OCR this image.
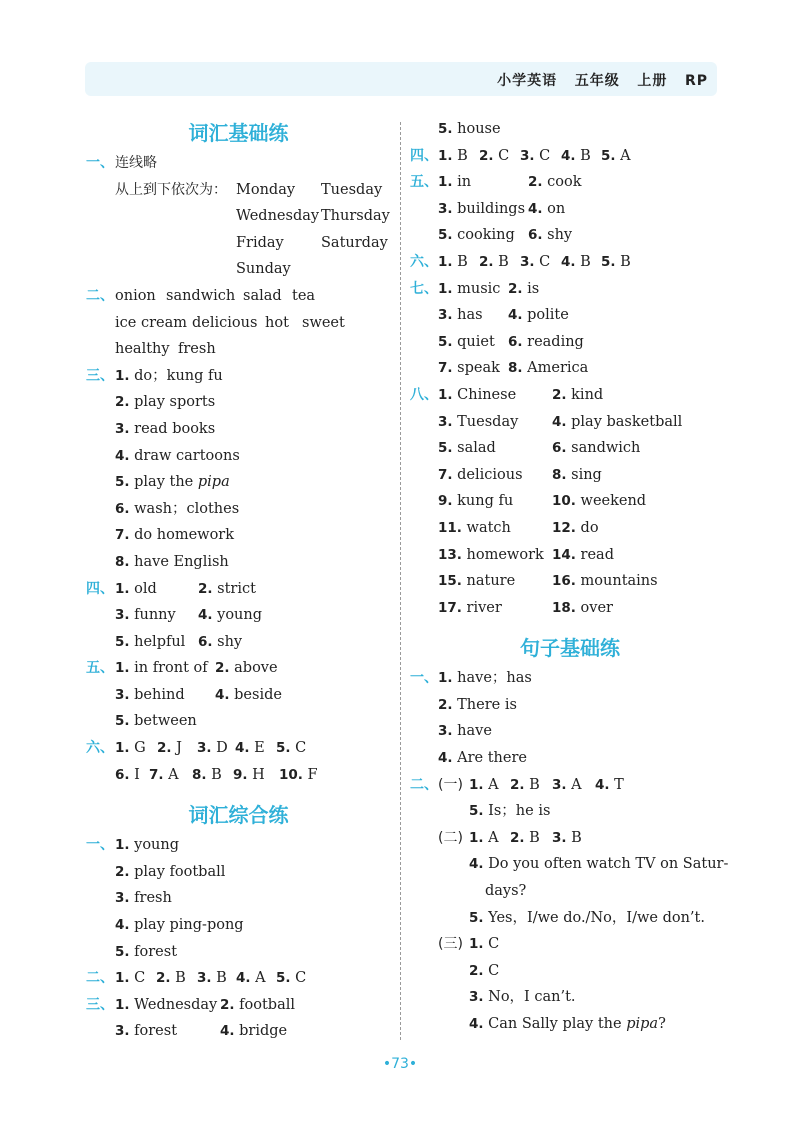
小学英语 五年级 上册 RP
词汇基础练
一、 连线略
从上到下依次为： Monday Tuesday
Wednesday Thursday
Friday	Saturday
Sunday
二、 onion sandwich salad tea
ice cream delicious hot sweet
healthy fresh
三、 1. do；kung fu
2. play sports
3. read books
4. draw cartoons
5. play the pipa
6. wash；clothes
7. do homework
8. have English
四、 1. old	2. strict
3. funny 4. young
5. helpful 6. shy
五、 1. in front of 2. above
3. behind 4. beside
5. between
六、 1. G 2. J 3. D 4. E 5. C
6. I 7. A 8. B 9. H 10. F
词汇综合练
一、 1. young
2. play football
3. fresh
4. play ping-pong
5. forest
二、 1. C 2. B 3. B 4. A 5. C
三、 1. Wednesday 2. football
3. forest	4. bridge
5. house
四、 1. B 2. C 3. C 4. B 5. A
五、 1. in	2. cook
3. buildings 4. on
5. cooking 6. shy
六、 1. B 2. B 3. C 4. B 5. B
七、 1. music 2. is
3. has 4. polite
5. quiet 6. reading
7. speak 8. America
八、 1. Chinese	2. kind
3. Tuesday 4. play basketball
5. salad	6. sandwich
7. delicious 8. sing
9. kung fu	10. weekend
11. watch	12. do
13. homework 14. read
15. nature	16. mountains
17. river	18. over
句子基础练
一、 1. have；has
2. There is
3. have
4. Are there
二、 (一) 1. A 2. B 3. A 4. T
5. Is；he is
(二) 1. A 2. B 3. B
4. Do you often watch TV on Satur-
days?
5. Yes，I/we do./No，I/we don’t.
(三) 1. C
2. C
3. No，I can’t.
4. Can Sally play the pipa?
•73•
